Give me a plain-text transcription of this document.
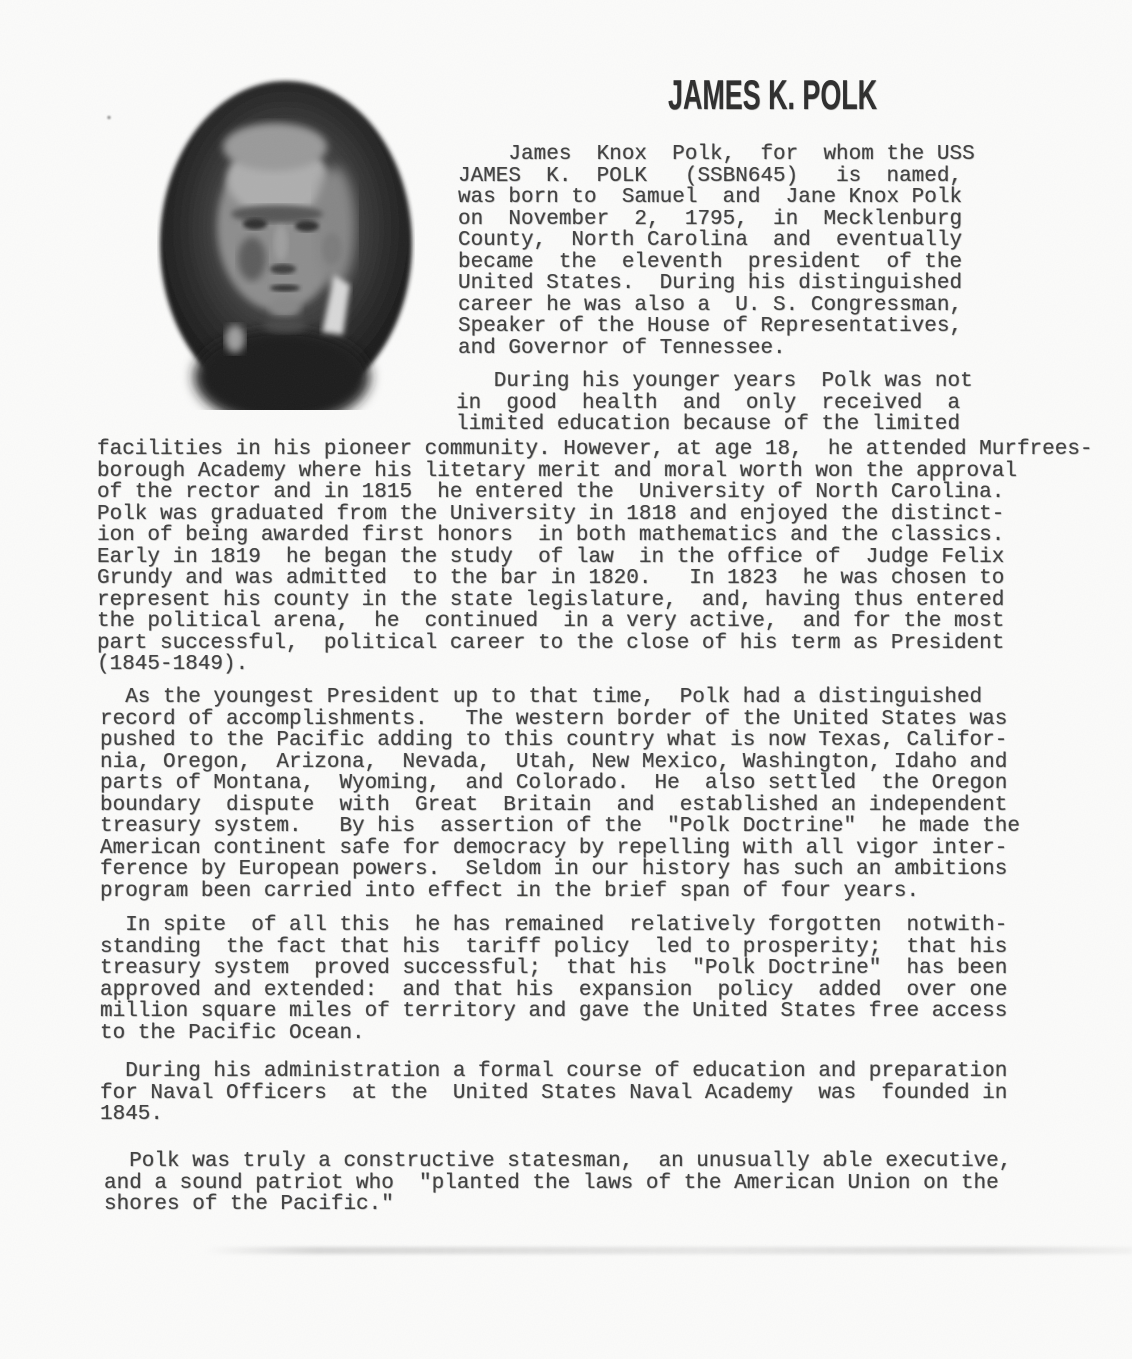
JAMES K. POLK
James  Knox  Polk,  for  whom the USS
JAMES  K.  POLK   (SSBN645)   is  named,
was born to  Samuel  and  Jane Knox Polk
on  November  2,  1795,  in  Mecklenburg
County,  North Carolina  and  eventually
became  the  eleventh  president  of the
United States.  During his distinguished
career he was also a  U. S. Congressman,
Speaker of the House of Representatives,
and Governor of Tennessee.
During his younger years  Polk was not
in  good  health  and  only  received  a
limited education because of the limited
facilities in his pioneer community. However, at age 18,  he attended Murfrees-
borough Academy where his litetary merit and moral worth won the approval
of the rector and in 1815  he entered the  University of North Carolina.
Polk was graduated from the University in 1818 and enjoyed the distinct-
ion of being awarded first honors  in both mathematics and the classics.
Early in 1819  he began the study  of law  in the office of  Judge Felix
Grundy and was admitted  to the bar in 1820.   In 1823  he was chosen to
represent his county in the state legislature,  and, having thus entered
the political arena,  he  continued  in a very active,  and for the most
part successful,  political career to the close of his term as President
(1845-1849).
As the youngest President up to that time,  Polk had a distinguished
record of accomplishments.   The western border of the United States was
pushed to the Pacific adding to this country what is now Texas, Califor-
nia, Oregon,  Arizona,  Nevada,  Utah, New Mexico, Washington, Idaho and
parts of Montana,  Wyoming,  and Colorado.  He  also settled  the Oregon
boundary  dispute  with  Great  Britain  and  established an independent
treasury system.   By his  assertion of the  "Polk Doctrine"  he made the
American continent safe for democracy by repelling with all vigor inter-
ference by European powers.  Seldom in our history has such an ambitions
program been carried into effect in the brief span of four years.
In spite  of all this  he has remained  relatively forgotten  notwith-
standing  the fact that his  tariff policy  led to prosperity;  that his
treasury system  proved successful;  that his  "Polk Doctrine"  has been
approved and extended:  and that his  expansion  policy  added  over one
million square miles of territory and gave the United States free access
to the Pacific Ocean.
During his administration a formal course of education and preparation
for Naval Officers  at the  United States Naval Academy  was  founded in
1845.
Polk was truly a constructive statesman,  an unusually able executive,
and a sound patriot who  "planted the laws of the American Union on the
shores of the Pacific."
